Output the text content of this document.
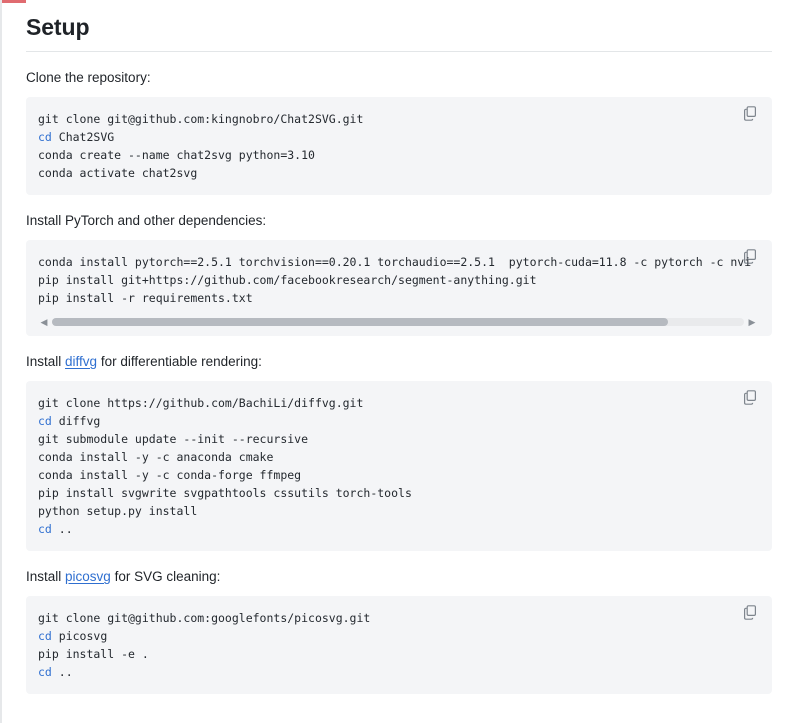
Setup

Clone the repository:

git clone git@github.com:kingnobro/Chat2SVG.git
cd Chat2SVG
conda create --name chat2svg python=3.10
conda activate chat2svg

Install PyTorch and other dependencies:

conda install pytorch==2.5.1 torchvision==0.20.1 torchaudio==2.5.1  pytorch-cuda=11.8 -c pytorch -c nvi
pip install git+https://github.com/facebookresearch/segment-anything.git
pip install -r requirements.txt
◀	▶

Install diffvg for differentiable rendering:

git clone https://github.com/BachiLi/diffvg.git
cd diffvg
git submodule update --init --recursive
conda install -y -c anaconda cmake
conda install -y -c conda-forge ffmpeg
pip install svgwrite svgpathtools cssutils torch-tools
python setup.py install
cd ..

Install picosvg for SVG cleaning:

git clone git@github.com:googlefonts/picosvg.git
cd picosvg
pip install -e .
cd ..
